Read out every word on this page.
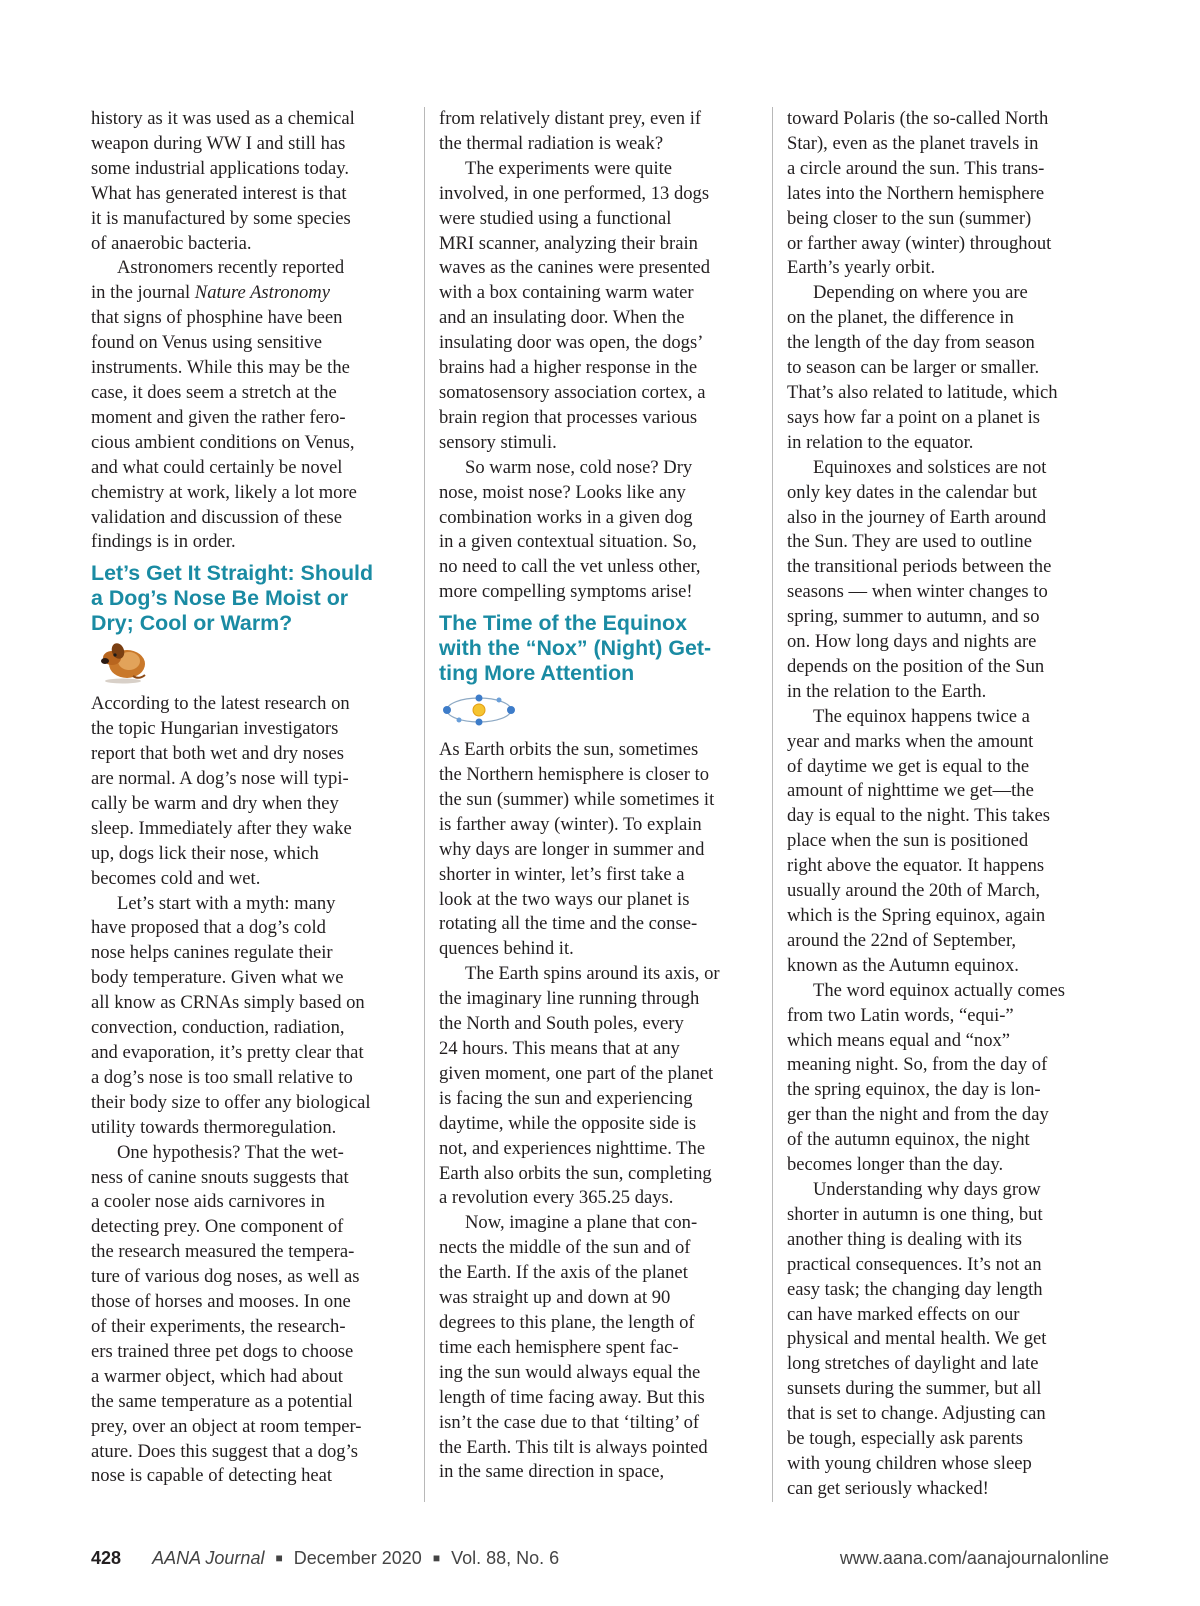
history as it was used as a chemical
weapon during WW I and still has
some industrial applications today.
What has generated interest is that
it is manufactured by some species
of anaerobic bacteria.

Astronomers recently reported
in the journal Nature Astronomy
that signs of phosphine have been
found on Venus using sensitive
instruments. While this may be the
case, it does seem a stretch at the
moment and given the rather fero-
cious ambient conditions on Venus,
and what could certainly be novel
chemistry at work, likely a lot more
validation and discussion of these
findings is in order.

Let’s Get It Straight: Should
a Dog’s Nose Be Moist or
Dry; Cool or Warm?

According to the latest research on
the topic Hungarian investigators
report that both wet and dry noses
are normal. A dog’s nose will typi-
cally be warm and dry when they
sleep. Immediately after they wake
up, dogs lick their nose, which
becomes cold and wet.

Let’s start with a myth: many
have proposed that a dog’s cold
nose helps canines regulate their
body temperature. Given what we
all know as CRNAs simply based on
convection, conduction, radiation,
and evaporation, it’s pretty clear that
a dog’s nose is too small relative to
their body size to offer any biological
utility towards thermoregulation.

One hypothesis? That the wet-
ness of canine snouts suggests that
a cooler nose aids carnivores in
detecting prey. One component of
the research measured the tempera-
ture of various dog noses, as well as
those of horses and mooses. In one
of their experiments, the research-
ers trained three pet dogs to choose
a warmer object, which had about
the same temperature as a potential
prey, over an object at room temper-
ature. Does this suggest that a dog’s
nose is capable of detecting heat

from relatively distant prey, even if
the thermal radiation is weak?

The experiments were quite
involved, in one performed, 13 dogs
were studied using a functional
MRI scanner, analyzing their brain
waves as the canines were presented
with a box containing warm water
and an insulating door. When the
insulating door was open, the dogs’
brains had a higher response in the
somatosensory association cortex, a
brain region that processes various
sensory stimuli.

So warm nose, cold nose? Dry
nose, moist nose? Looks like any
combination works in a given dog
in a given contextual situation. So,
no need to call the vet unless other,
more compelling symptoms arise!

The Time of the Equinox
with the “Nox” (Night) Get-
ting More Attention

As Earth orbits the sun, sometimes
the Northern hemisphere is closer to
the sun (summer) while sometimes it
is farther away (winter). To explain
why days are longer in summer and
shorter in winter, let’s first take a
look at the two ways our planet is
rotating all the time and the conse-
quences behind it.

The Earth spins around its axis, or
the imaginary line running through
the North and South poles, every
24 hours. This means that at any
given moment, one part of the planet
is facing the sun and experiencing
daytime, while the opposite side is
not, and experiences nighttime. The
Earth also orbits the sun, completing
a revolution every 365.25 days.

Now, imagine a plane that con-
nects the middle of the sun and of
the Earth. If the axis of the planet
was straight up and down at 90
degrees to this plane, the length of
time each hemisphere spent fac-
ing the sun would always equal the
length of time facing away. But this
isn’t the case due to that ‘tilting’ of
the Earth. This tilt is always pointed
in the same direction in space,

toward Polaris (the so-called North
Star), even as the planet travels in
a circle around the sun. This trans-
lates into the Northern hemisphere
being closer to the sun (summer)
or farther away (winter) throughout
Earth’s yearly orbit.

Depending on where you are
on the planet, the difference in
the length of the day from season
to season can be larger or smaller.
That’s also related to latitude, which
says how far a point on a planet is
in relation to the equator.

Equinoxes and solstices are not
only key dates in the calendar but
also in the journey of Earth around
the Sun. They are used to outline
the transitional periods between the
seasons — when winter changes to
spring, summer to autumn, and so
on. How long days and nights are
depends on the position of the Sun
in the relation to the Earth.

The equinox happens twice a
year and marks when the amount
of daytime we get is equal to the
amount of nighttime we get—the
day is equal to the night. This takes
place when the sun is positioned
right above the equator. It happens
usually around the 20th of March,
which is the Spring equinox, again
around the 22nd of September,
known as the Autumn equinox.

The word equinox actually comes
from two Latin words, “equi-”
which means equal and “nox”
meaning night. So, from the day of
the spring equinox, the day is lon-
ger than the night and from the day
of the autumn equinox, the night
becomes longer than the day.

Understanding why days grow
shorter in autumn is one thing, but
another thing is dealing with its
practical consequences. It’s not an
easy task; the changing day length
can have marked effects on our
physical and mental health. We get
long stretches of daylight and late
sunsets during the summer, but all
that is set to change. Adjusting can
be tough, especially ask parents
with young children whose sleep
can get seriously whacked!

428 AANA Journal ■ December 2020 ■ Vol. 88, No. 6	www.aana.com/aanajournalonline
